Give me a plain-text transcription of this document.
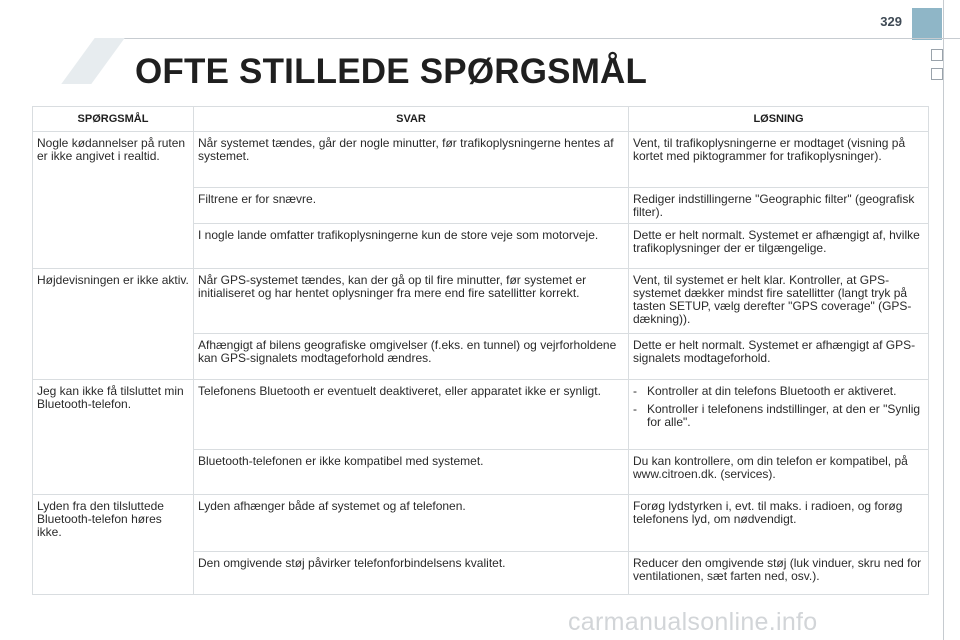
329
OFTE STILLEDE SPØRGSMÅL
SPØRGSMÅL	SVAR	LØSNING
Nogle kødannelser på ruten er ikke angivet i realtid.	Når systemet tændes, går der nogle minutter, før trafikoplysningerne hentes af systemet.	Vent, til trafikoplysningerne er modtaget (visning på kortet med piktogrammer for trafikoplysninger).
	Filtrene er for snævre.	Rediger indstillingerne "Geographic filter" (geografisk filter).
	I nogle lande omfatter trafikoplysningerne kun de store veje som motorveje.	Dette er helt normalt. Systemet er afhængigt af, hvilke trafikoplysninger der er tilgængelige.
Højdevisningen er ikke aktiv.	Når GPS-systemet tændes, kan der gå op til fire minutter, før systemet er initialiseret og har hentet oplysninger fra mere end fire satellitter korrekt.	Vent, til systemet er helt klar. Kontroller, at GPS-systemet dækker mindst fire satellitter (langt tryk på tasten SETUP, vælg derefter "GPS coverage" (GPS-dækning)).
	Afhængigt af bilens geografiske omgivelser (f.eks. en tunnel) og vejrforholdene kan GPS-signalets modtageforhold ændres.	Dette er helt normalt. Systemet er afhængigt af GPS-signalets modtageforhold.
Jeg kan ikke få tilsluttet min Bluetooth-telefon.	Telefonens Bluetooth er eventuelt deaktiveret, eller apparatet ikke er synligt.	- Kontroller at din telefons Bluetooth er aktiveret.
- Kontroller i telefonens indstillinger, at den er "Synlig for alle".

	Bluetooth-telefonen er ikke kompatibel med systemet.	Du kan kontrollere, om din telefon er kompatibel, på www.citroen.dk. (services).
Lyden fra den tilsluttede Bluetooth-telefon høres ikke.	Lyden afhænger både af systemet og af telefonen.	Forøg lydstyrken i, evt. til maks. i radioen, og forøg telefonens lyd, om nødvendigt.
	Den omgivende støj påvirker telefonforbindelsens kvalitet.	Reducer den omgivende støj (luk vinduer, skru ned for ventilationen, sæt farten ned, osv.).
carmanualsonline.info
